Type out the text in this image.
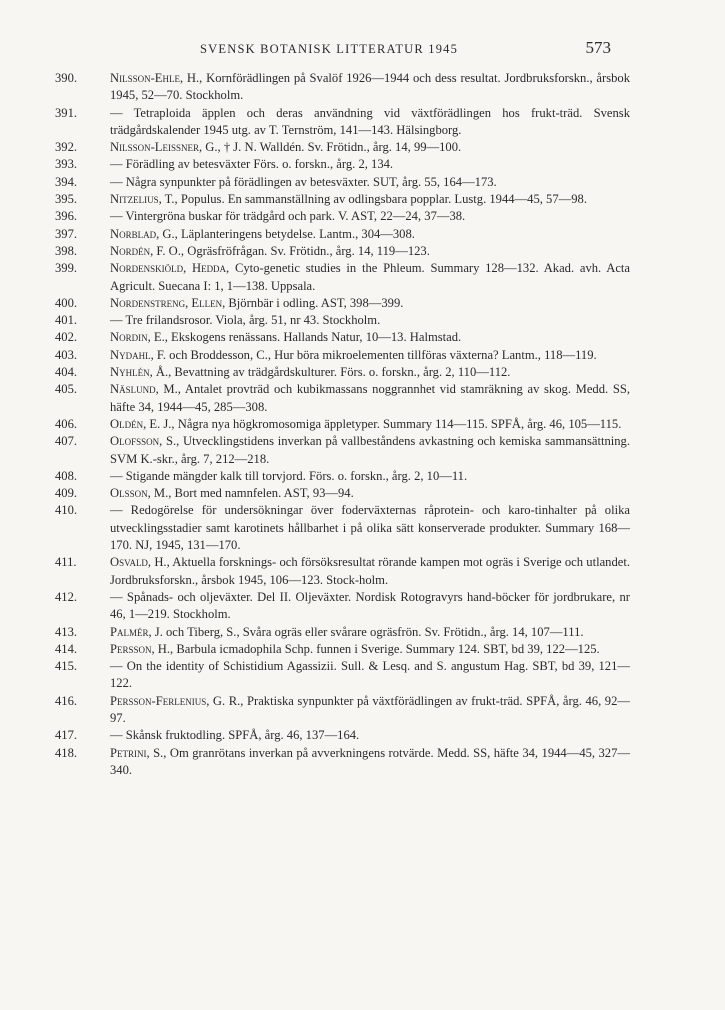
SVENSK BOTANISK LITTERATUR 1945	573
390.	Nilsson-Ehle, H., Kornförädlingen på Svalöf 1926—1944 och dess resultat. Jordbruksforskn., årsbok 1945, 52—70. Stockholm.
391.	— Tetraploida äpplen och deras användning vid växtförädlingen hos frukt-träd. Svensk trädgårdskalender 1945 utg. av T. Ternström, 141—143. Hälsingborg.
392.	Nilsson-Leissner, G., † J. N. Walldén. Sv. Frötidn., årg. 14, 99—100.
393.	— Förädling av betesväxter Förs. o. forskn., årg. 2, 134.
394.	— Några synpunkter på förädlingen av betesväxter. SUT, årg. 55, 164—173.
395.	Nitzelius, T., Populus. En sammanställning av odlingsbara popplar. Lustg. 1944—45, 57—98.
396.	— Vintergröna buskar för trädgård och park. V. AST, 22—24, 37—38.
397.	Norblad, G., Läplanteringens betydelse. Lantm., 304—308.
398.	Nordén, F. O., Ogräsfröfrågan. Sv. Frötidn., årg. 14, 119—123.
399.	Nordenskiöld, Hedda, Cyto-genetic studies in the Phleum. Summary 128—132. Akad. avh. Acta Agricult. Suecana I: 1, 1—138. Uppsala.
400.	Nordenstreng, Ellen, Björnbär i odling. AST, 398—399.
401.	— Tre frilandsrosor. Viola, årg. 51, nr 43. Stockholm.
402.	Nordin, E., Ekskogens renässans. Hallands Natur, 10—13. Halmstad.
403.	Nydahl, F. och Broddesson, C., Hur böra mikroelementen tillföras växterna? Lantm., 118—119.
404.	Nyhlén, Å., Bevattning av trädgårdskulturer. Förs. o. forskn., årg. 2, 110—112.
405.	Näslund, M., Antalet provträd och kubikmassans noggrannhet vid stamräkning av skog. Medd. SS, häfte 34, 1944—45, 285—308.
406.	Oldén, E. J., Några nya högkromosomiga äppletyper. Summary 114—115. SPFÅ, årg. 46, 105—115.
407.	Olofsson, S., Utvecklingstidens inverkan på vallbeståndens avkastning och kemiska sammansättning. SVM K.-skr., årg. 7, 212—218.
408.	— Stigande mängder kalk till torvjord. Förs. o. forskn., årg. 2, 10—11.
409.	Olsson, M., Bort med namnfelen. AST, 93—94.
410.	— Redogörelse för undersökningar över foderväxternas råprotein- och karo-tinhalter på olika utvecklingsstadier samt karotinets hållbarhet i på olika sätt konserverade produkter. Summary 168—170. NJ, 1945, 131—170.
411.	Osvald, H., Aktuella forsknings- och försöksresultat rörande kampen mot ogräs i Sverige och utlandet. Jordbruksforskn., årsbok 1945, 106—123. Stock-holm.
412.	— Spånads- och oljeväxter. Del II. Oljeväxter. Nordisk Rotogravyrs hand-böcker för jordbrukare, nr 46, 1—219. Stockholm.
413.	Palmér, J. och Tiberg, S., Svåra ogräs eller svårare ogräsfrön. Sv. Frötidn., årg. 14, 107—111.
414.	Persson, H., Barbula icmadophila Schp. funnen i Sverige. Summary 124. SBT, bd 39, 122—125.
415.	— On the identity of Schistidium Agassizii. Sull. & Lesq. and S. angustum Hag. SBT, bd 39, 121—122.
416.	Persson-Ferlenius, G. R., Praktiska synpunkter på växtförädlingen av frukt-träd. SPFÅ, årg. 46, 92—97.
417.	— Skånsk fruktodling. SPFÅ, årg. 46, 137—164.
418.	Petrini, S., Om granrötans inverkan på avverkningens rotvärde. Medd. SS, häfte 34, 1944—45, 327—340.
